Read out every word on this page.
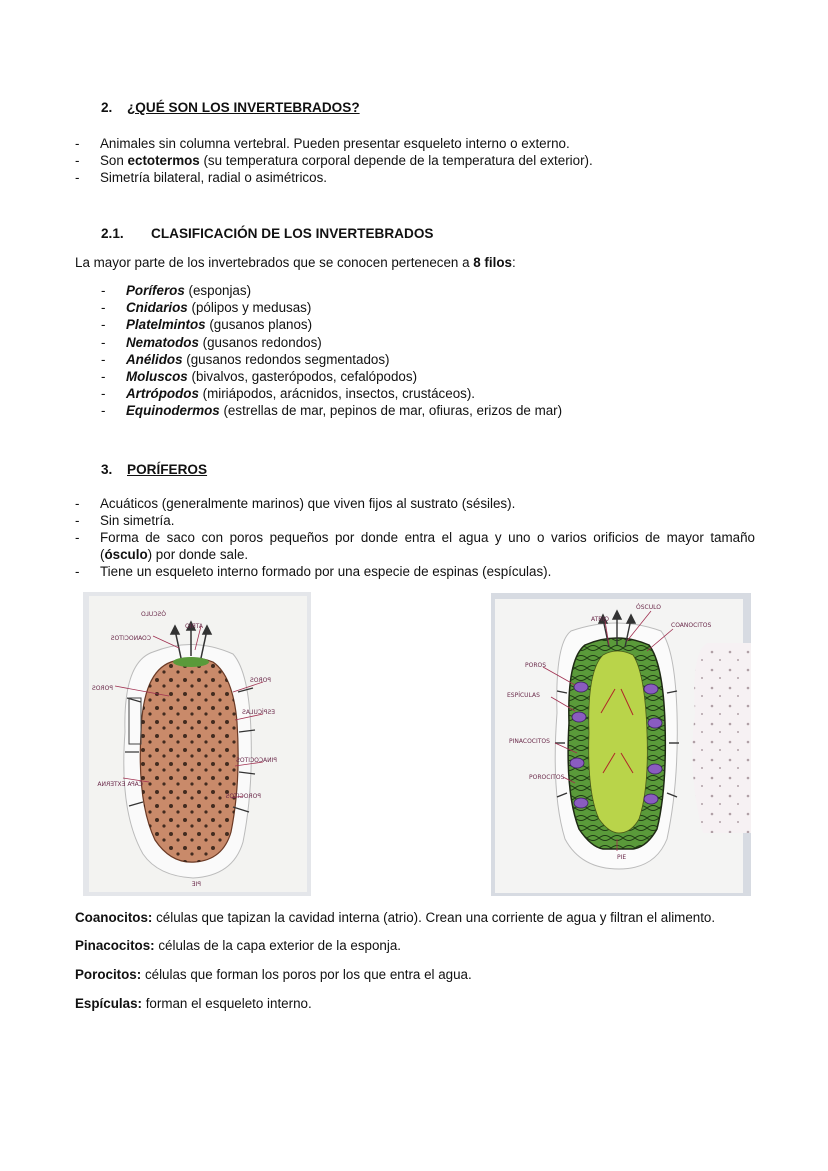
2. ¿QUÉ SON LOS INVERTEBRADOS?
- Animales sin columna vertebral. Pueden presentar esqueleto interno o externo.
- Son ectotermos (su temperatura corporal depende de la temperatura del exterior).
- Simetría bilateral, radial o asimétricos.
2.1. CLASIFICACIÓN DE LOS INVERTEBRADOS
La mayor parte de los invertebrados que se conocen pertenecen a 8 filos:
- Poríferos (esponjas)
- Cnidarios (pólipos y medusas)
- Platelmintos (gusanos planos)
- Nematodos (gusanos redondos)
- Anélidos (gusanos redondos segmentados)
- Moluscos (bivalvos, gasterópodos, cefalópodos)
- Artrópodos (miriápodos, arácnidos, insectos, crustáceos).
- Equinodermos (estrellas de mar, pepinos de mar, ofiuras, erizos de mar)
3. PORÍFEROS
- Acuáticos (generalmente marinos) que viven fijos al sustrato (sésiles).
- Sin simetría.
- Forma de saco con poros pequeños por donde entra el agua y uno o varios orificios de mayor tamaño
(ósculo) por donde sale.
- Tiene un esqueleto interno formado por una especie de espinas (espículas).
ÓSCULO
ATRIO
COANOCITOS
POROS
POROS
ESPÍCULAS
PINACOCITOS
CAPA EXTERNA
POROCITOS
PIE
ÓSCULO
ATRIO
COANOCITOS
POROS
ESPÍCULAS
PINACOCITOS
POROCITOS
PIE
Coanocitos: células que tapizan la cavidad interna (atrio). Crean una corriente de agua y filtran el alimento.
Pinacocitos: células de la capa exterior de la esponja.
Porocitos: células que forman los poros por los que entra el agua.
Espículas: forman el esqueleto interno.
